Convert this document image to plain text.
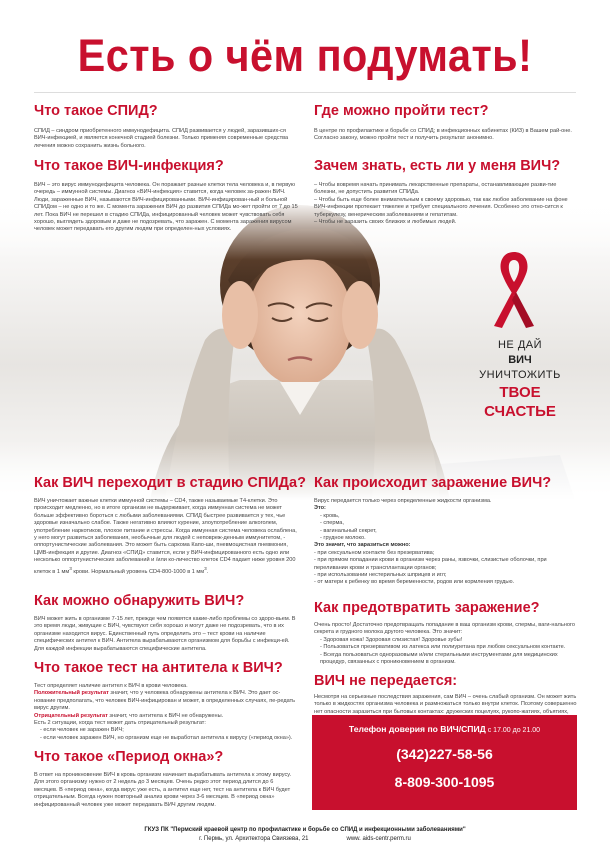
Есть о чём подумать!
Что такое СПИД?
СПИД – синдром приобретенного иммунодефицита. СПИД развивается у людей, заразивших-ся ВИЧ-инфекцией, и является конечной стадией болезни. Только применяя современные средства лечения можно сохранить жизнь больного.
Что такое ВИЧ-инфекция?
ВИЧ – это вирус иммунодефицита человека. Он поражает разные клетки тела человека и, в первую очередь – иммунной системы. Диагноз «ВИЧ-инфекция» ставится, когда человек за-ражен ВИЧ. Люди, зараженные ВИЧ, называются ВИЧ-инфицированными. ВИЧ-инфицирован-ный и больной СПИДом – не одно и то же. С момента заражения ВИЧ до развития СПИДа мо-жет пройти от 7 до 15 лет. Пока ВИЧ не перешел в стадию СПИДа, инфицированный человек может чувствовать себя хорошо, выглядеть здоровым и даже не подозревать, что заражен. С момента заражения вирусом человек может передавать его другим людям при определен-ных условиях.
Где можно пройти тест?
В центре по профилактике и борьбе со СПИД; в инфекционных кабинетах (КИЗ) в Вашем рай-оне. Согласно закону, можно пройти тест и получить результат анонимно.
Зачем знать, есть ли у меня ВИЧ?

– Чтобы вовремя начать принимать лекарственные препараты, останавливающие разви-тие болезни, не допустить развития СПИДа.

– Чтобы быть еще более внимательным к своему здоровью, так как любое заболевание на фоне ВИЧ-инфекции протекает тяжелее и требует специального лечения. Особенно это отно-сится к туберкулезу, венерическим заболеваниям и гепатитам.

– Чтобы не заразить своих близких и любимых людей.

НЕ ДАЙ
ВИЧ
УНИЧТОЖИТЬ
ТВОЕ
СЧАСТЬЕ
Как ВИЧ переходит в стадию СПИДа?
ВИЧ уничтожает важные клетки иммунной системы – CD4, также называемые Т4-клетки. Это происходит медленно, но в итоге организм не выдерживает, когда иммунная система не может больше эффективно бороться с любыми заболеваниями. СПИД быстрее развивается у тех, чье здоровье изначально слабое. Также негативно влияют курение, злоупотребление алкоголем, употребление наркотиков, плохое питание и стрессы. Когда иммунная система человека ослаблена, у него могут развиться заболевания, необычные для людей с неповреж-денным иммунитетом, - оппортунистические заболевания. Это может быть саркома Капо-ши, пневмоцистная пневмония, ЦМВ-инфекция и другие. Диагноз «СПИД» ставится, если у ВИЧ-инфицированного есть одно или несколько оппортунистических заболеваний и /или ко-личество клеток CD4 падает ниже уровня 200 клеток в 1 $мм^3$ крови. Нормальный уровень CD4-800-1000 в 1 $мм^3$.
Как можно обнаружить ВИЧ?
ВИЧ может жить в организме 7-15 лет, прежде чем появятся какие-либо проблемы со здоро-вьем. В это время люди, живущие с ВИЧ, чувствуют себя хорошо и могут даже не подозревать, что в их организме находится вирус. Единственный путь определить это – тест крови на наличие специфических антител к ВИЧ. Антитела вырабатываются организмом для борьбы с инфекци-ей. Для каждой инфекции вырабатываются специфические антитела.
Что такое тест на антитела к ВИЧ?

Тест определяет наличие антител к ВИЧ в крови человека.

Положительный результат значит, что у человека обнаружены антитела к ВИЧ. Это дает ос-нование предполагать, что человек ВИЧ-инфицирован и может, в определенных случаях, пе-редать вирус другим.

Отрицательный результат значит, что антитела к ВИЧ не обнаружены.

Есть 2 ситуации, когда тест может дать отрицательный результат:

- если человек не заражен ВИЧ;

- если человек заражен ВИЧ, но организм еще не выработал антитела к вирусу («период окна»).

Что такое «Период окна»?
В ответ на проникновение ВИЧ в кровь организм начинает вырабатывать антитела к этому вирусу. Для этого организму нужно от 2 недель до 3 месяцев. Очень редко этот период длится до 6 месяцев. В «период окна», когда вирус уже есть, а антител еще нет, тест на антитела к ВИЧ будет отрицательным. Всегда нужен повторный анализ крови через 3-6 месяцев. В «период окна» инфицированный человек уже может передавать ВИЧ другим людям.
Как происходит заражение ВИЧ?

Вирус передается только через определенные жидкости организма.

Это:

- кровь,

- сперма,

- вагинальный секрет,

- грудное молоко.

Это значит, что заразиться можно:

- при сексуальном контакте без презерватива;

- при прямом попадании крови в организм через раны, язвочки, слизистые оболочки, при переливании крови и трансплантации органов;

- при использовании нестерильных шприцев и игл;

- от матери к ребенку во время беременности, родов или кормления грудью.

Как предотвратить заражение?

Очень просто! Достаточно предотвращать попадание в ваш организм крови, спермы, ваги-нального секрета и грудного молока другого человека. Это значит:

- Здоровая кожа! Здоровая слизистая! Здоровье зубы!

- Пользоваться презервативом из латекса или полиуретана при любом сексуальном контакте.

- Всегда пользоваться одноразовыми и/или стерильными инструментами для медицинских процедур, связанных с проникновением в организм.

ВИЧ не передается:
Несмотря на серьезные последствия заражения, сам ВИЧ – очень слабый организм. Он может жить только в жидкостях организма человека и размножаться только внутри клеток. Поэтому совершенно нет опасности заразиться при бытовых контактах: дружеских поцелуях, рукопо-жатиях, объятиях,
Телефон доверия по ВИЧ/СПИД с 17.00 до 21.00
(342)227-58-56
8-809-300-1095
ГКУЗ ПК "Пермский краевой центр по профилактике и борьбе со СПИД и инфекционными заболеваниями"
г. Пермь, ул. Архитектора Свиязева, 21	www. aids-centr.perm.ru
